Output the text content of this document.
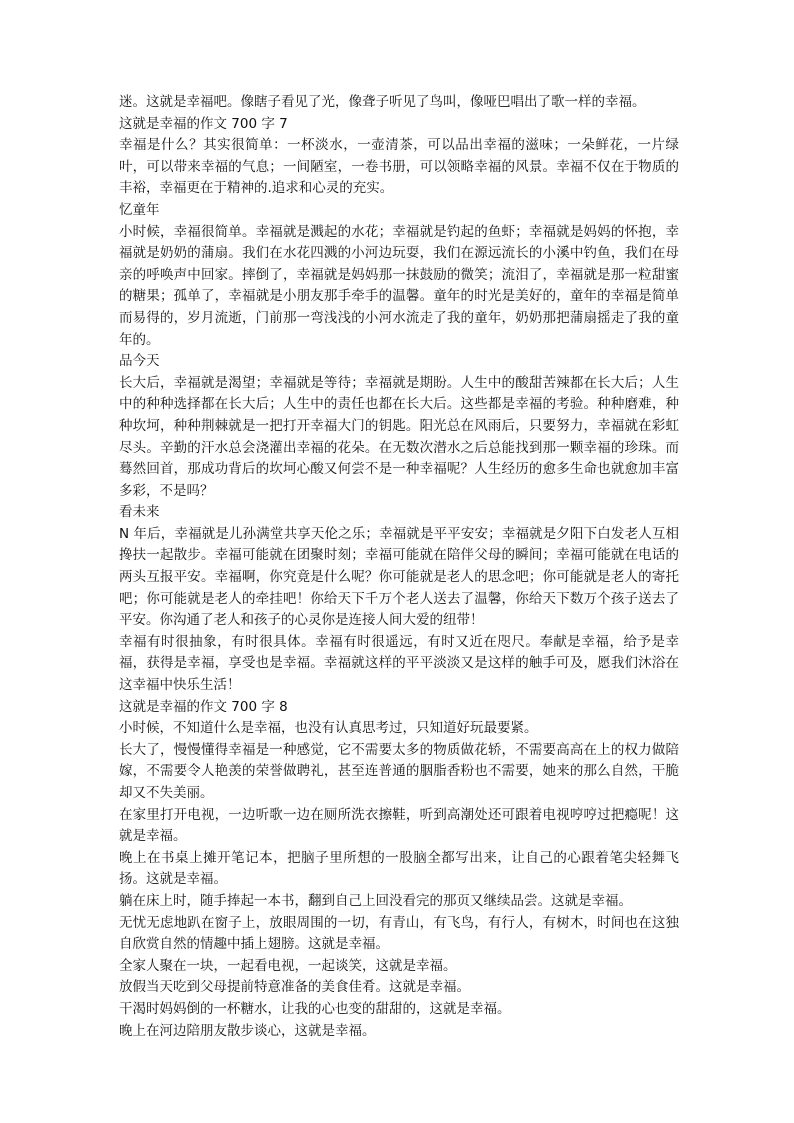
迷。这就是幸福吧。像瞎子看见了光，像聋子听见了鸟叫，像哑巴唱出了歌一样的幸福。

这就是幸福的作文 700 字 7

幸福是什么？其实很简单：一杯淡水，一壶清茶，可以品出幸福的滋味；一朵鲜花，一片绿叶，可以带来幸福的气息；一间陋室，一卷书册，可以领略幸福的风景。幸福不仅在于物质的丰裕，幸福更在于精神的.追求和心灵的充实。

忆童年

小时候，幸福很简单。幸福就是溅起的水花；幸福就是钓起的鱼虾；幸福就是妈妈的怀抱，幸福就是奶奶的蒲扇。我们在水花四溅的小河边玩耍，我们在源远流长的小溪中钓鱼，我们在母亲的呼唤声中回家。摔倒了，幸福就是妈妈那一抹鼓励的微笑；流泪了，幸福就是那一粒甜蜜的糖果；孤单了，幸福就是小朋友那手牵手的温馨。童年的时光是美好的，童年的幸福是简单而易得的，岁月流逝，门前那一弯浅浅的小河水流走了我的童年，奶奶那把蒲扇摇走了我的童年的。

品今天

长大后，幸福就是渴望；幸福就是等待；幸福就是期盼。人生中的酸甜苦辣都在长大后；人生中的种种选择都在长大后；人生中的责任也都在长大后。这些都是幸福的考验。种种磨难，种种坎坷，种种荆棘就是一把打开幸福大门的钥匙。阳光总在风雨后，只要努力，幸福就在彩虹尽头。辛勤的汗水总会浇灌出幸福的花朵。在无数次潜水之后总能找到那一颗幸福的珍珠。而蓦然回首，那成功背后的坎坷心酸又何尝不是一种幸福呢？人生经历的愈多生命也就愈加丰富多彩，不是吗？

看未来

N 年后，幸福就是儿孙满堂共享天伦之乐；幸福就是平平安安；幸福就是夕阳下白发老人互相搀扶一起散步。幸福可能就在团聚时刻；幸福可能就在陪伴父母的瞬间；幸福可能就在电话的两头互报平安。幸福啊，你究竟是什么呢？你可能就是老人的思念吧；你可能就是老人的寄托吧；你可能就是老人的牵挂吧！你给天下千万个老人送去了温馨，你给天下数万个孩子送去了平安。你沟通了老人和孩子的心灵你是连接人间大爱的纽带！

幸福有时很抽象，有时很具体。幸福有时很遥远，有时又近在咫尺。奉献是幸福，给予是幸福，获得是幸福，享受也是幸福。幸福就这样的平平淡淡又是这样的触手可及，愿我们沐浴在这幸福中快乐生活！

这就是幸福的作文 700 字 8

小时候，不知道什么是幸福，也没有认真思考过，只知道好玩最要紧。

长大了，慢慢懂得幸福是一种感觉，它不需要太多的物质做花轿，不需要高高在上的权力做陪嫁，不需要令人艳羡的荣誉做聘礼，甚至连普通的胭脂香粉也不需要，她来的那么自然，干脆却又不失美丽。

在家里打开电视，一边听歌一边在厕所洗衣擦鞋，听到高潮处还可跟着电视哼哼过把瘾呢！这就是幸福。

晚上在书桌上摊开笔记本，把脑子里所想的一股脑全都写出来，让自己的心跟着笔尖轻舞飞扬。这就是幸福。

躺在床上时，随手捧起一本书，翻到自己上回没看完的那页又继续品尝。这就是幸福。

无忧无虑地趴在窗子上，放眼周围的一切，有青山，有飞鸟，有行人，有树木，时间也在这独自欣赏自然的情趣中插上翅膀。这就是幸福。

全家人聚在一块，一起看电视，一起谈笑，这就是幸福。

放假当天吃到父母提前特意准备的美食佳肴。这就是幸福。

干渴时妈妈倒的一杯糖水，让我的心也变的甜甜的，这就是幸福。

晚上在河边陪朋友散步谈心，这就是幸福。
